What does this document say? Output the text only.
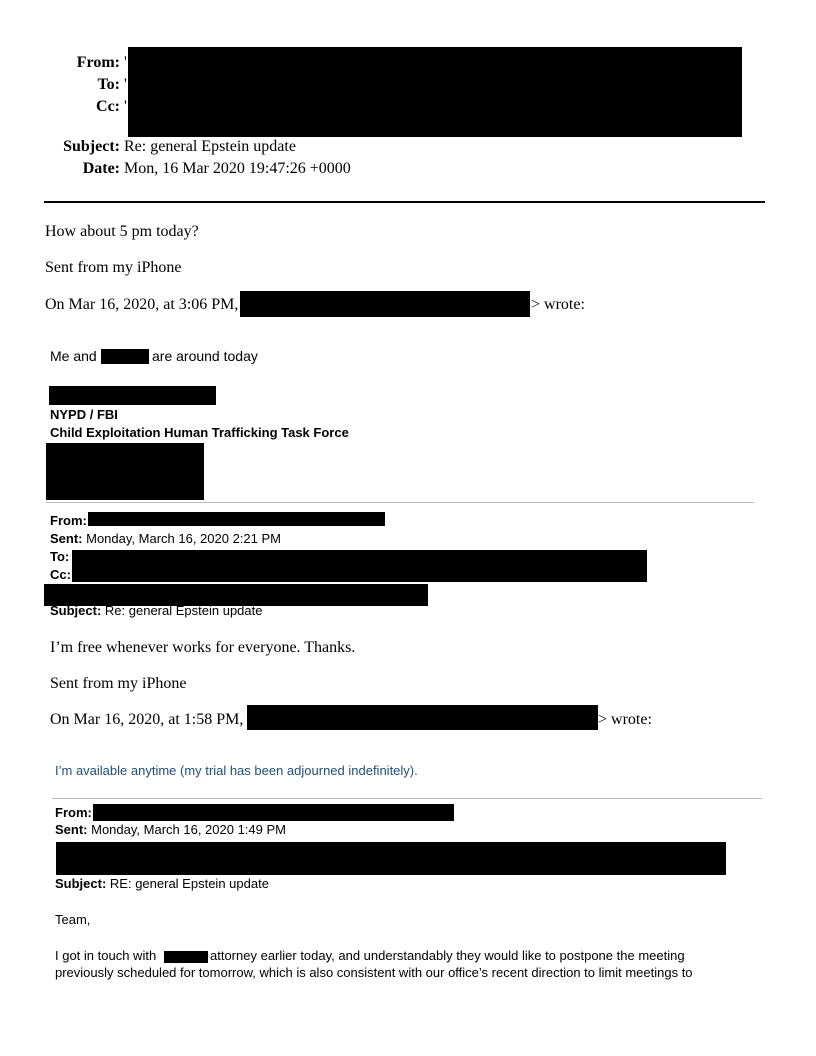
From: '
To: '
Cc: '
Subject: Re: general Epstein update
Date: Mon, 16 Mar 2020 19:47:26 +0000
How about 5 pm today?
Sent from my iPhone
On Mar 16, 2020, at 3:06 PM,	> wrote:
Me and	are around today
NYPD / FBI
Child Exploitation Human Trafficking Task Force
From:
Sent: Monday, March 16, 2020 2:21 PM
To:
Cc:
Subject: Re: general Epstein update
I’m free whenever works for everyone. Thanks.
Sent from my iPhone
On Mar 16, 2020, at 1:58 PM,	> wrote:
I’m available anytime (my trial has been adjourned indefinitely).
From:
Sent: Monday, March 16, 2020 1:49 PM
Subject: RE: general Epstein update
Team,
I got in touch with	attorney earlier today, and understandably they would like to postpone the meeting
previously scheduled for tomorrow, which is also consistent with our office’s recent direction to limit meetings to
